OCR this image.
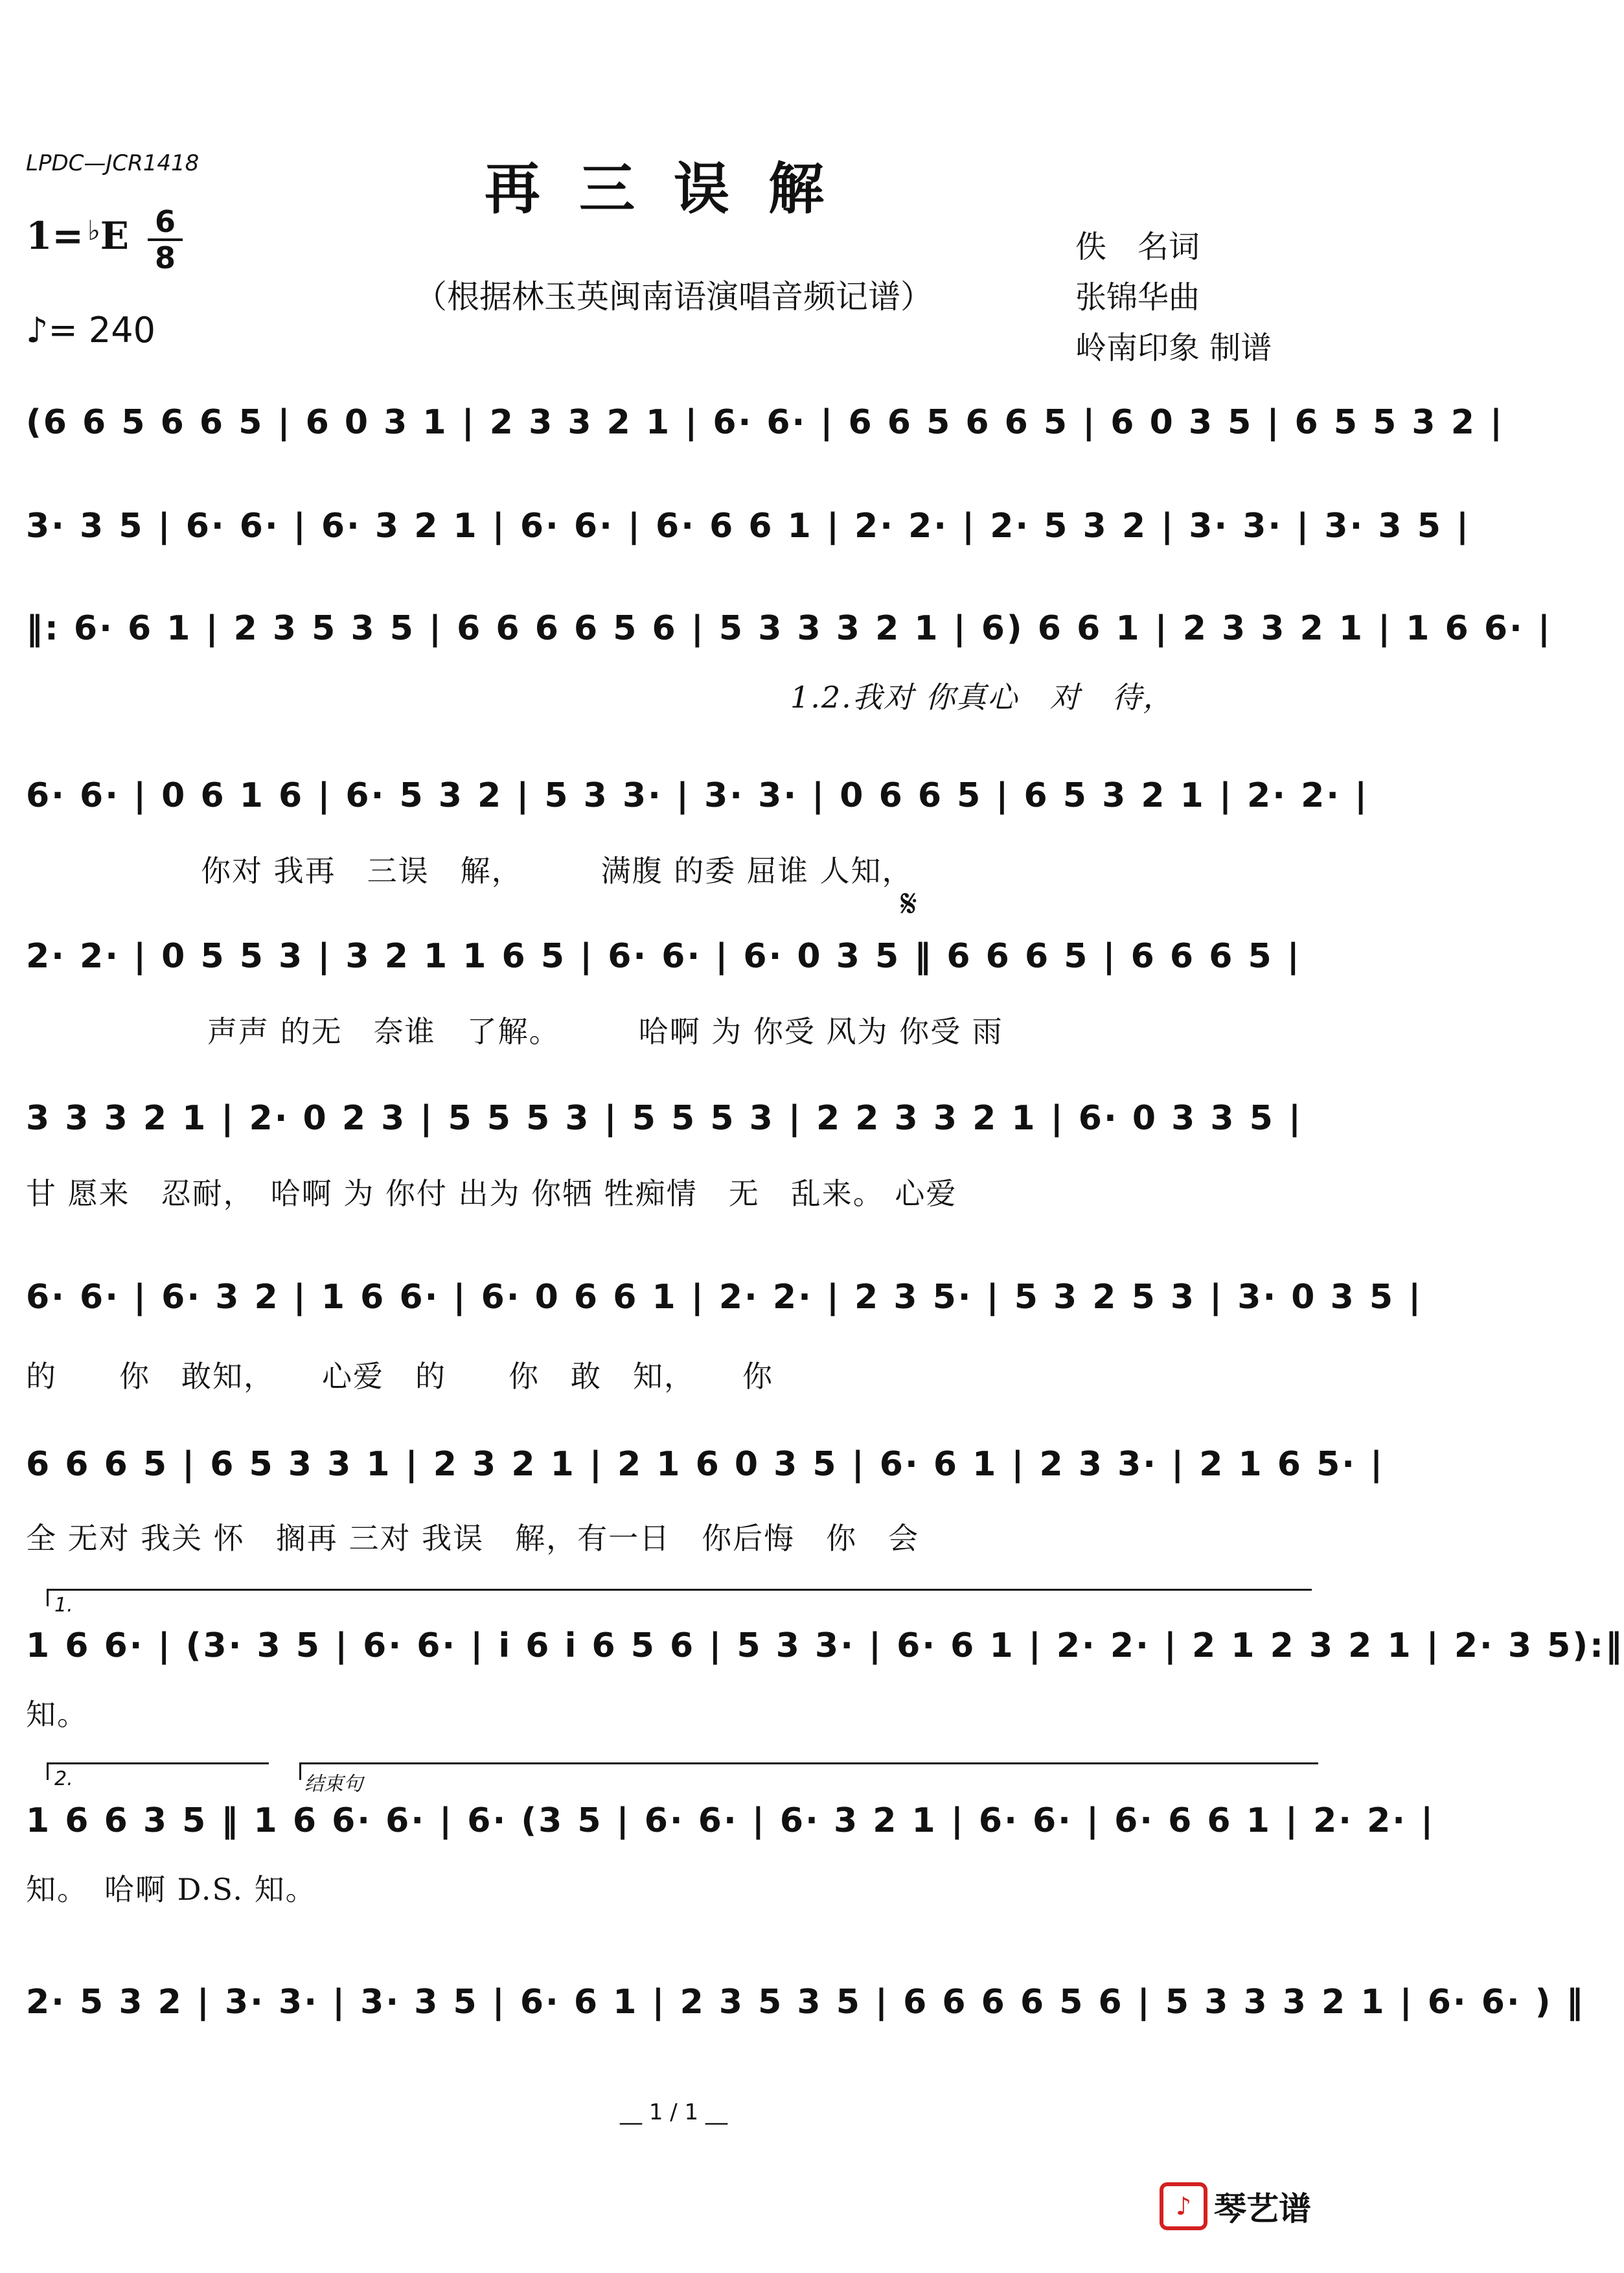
LPDC—JCR1418	再三误解
（根据林玉英闽南语演唱音频记谱）
1= ♭E 6
8
♪= 240
佚　名词
张锦华曲
岭南印象 制谱
(6 6 5 6 6 5 | 6 0 3 1 | 2 3 3 2 1 | 6· 6· | 6 6 5 6 6 5 | 6 0 3 5 | 6 5 5 3 2 |
3· 3 5 | 6· 6· | 6· 3 2 1 | 6· 6· | 6· 6 6 1 | 2· 2· | 2· 5 3 2 | 3· 3· | 3· 3 5 |
‖: 6· 6 1 | 2 3 5 3 5 | 6 6 6 6 5 6 | 5 3 3 3 2 1 | 6) 6 6 1 | 2 3 3 2 1 | 1 6 6· |
1.2.我对 你真心　对　待，
6· 6· | 0 6 1 6 | 6· 5 3 2 | 5 3 3· | 3· 3· | 0 6 6 5 | 6 5 3 2 1 | 2· 2· |
你对 我再　三误　解，　　　满腹 的委 屈谁 人知，
𝄋
2· 2· | 0 5 5 3 | 3 2 1 1 6 5 | 6· 6· | 6· 0 3 5 ‖ 6 6 6 5 | 6 6 6 5 |
声声 的无　奈谁　了解。　　　哈啊 为 你受 风为 你受 雨
3 3 3 2 1 | 2· 0 2 3 | 5 5 5 3 | 5 5 5 3 | 2 2 3 3 2 1 | 6· 0 3 3 5 |
甘 愿来　忍耐，　哈啊 为 你付 出为 你牺 牲痴情　无　乱来。 心爱
6· 6· | 6· 3 2 | 1 6 6· | 6· 0 6 6 1 | 2· 2· | 2 3 5· | 5 3 2 5 3 | 3· 0 3 5 |
的　　你　敢知，　　心爱　的　　你　敢　知，　　你
6 6 6 5 | 6 5 3 3 1 | 2 3 2 1 | 2 1 6 0 3 5 | 6· 6 1 | 2 3 3· | 2 1 6 5· |
全 无对 我关 怀　搁再 三对 我误　解，有一日　你后悔　你　会
1.
1 6 6· | (3· 3 5 | 6· 6· | i 6 i 6 5 6 | 5 3 3· | 6· 6 1 | 2· 2· | 2 1 2 3 2 1 | 2· 3 5):‖
知。
2.	结束句
1 6 6 3 5 ‖ 1 6 6· 6· | 6· (3 5 | 6· 6· | 6· 3 2 1 | 6· 6· | 6· 6 6 1 | 2· 2· |
知。　哈啊 D.S. 知。
2· 5 3 2 | 3· 3· | 3· 3 5 | 6· 6 1 | 2 3 5 3 5 | 6 6 6 6 5 6 | 5 3 3 3 2 1 | 6· 6· ) ‖
__ 1 / 1 __
♪ 琴艺谱
